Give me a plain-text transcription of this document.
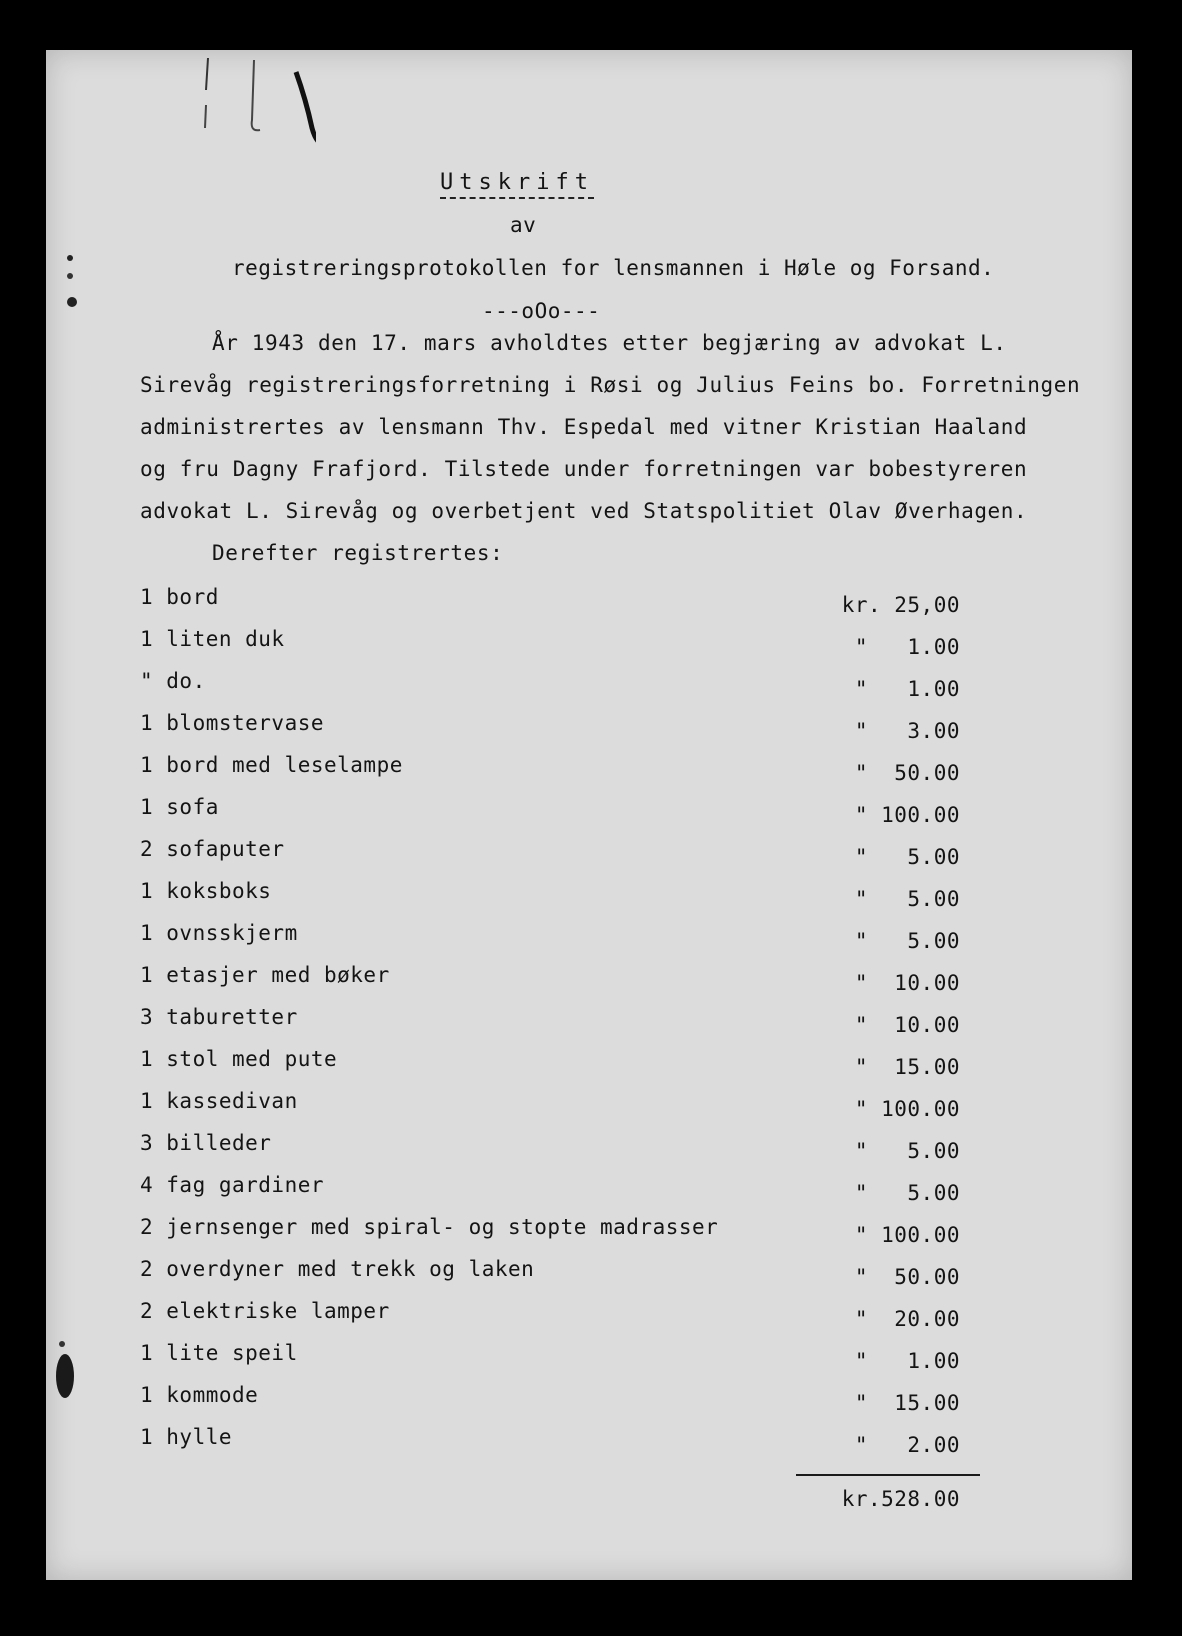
Utskrift
av
registreringsprotokollen for lensmannen i Høle og Forsand.
---oOo---
År 1943 den 17. mars avholdtes etter begjæring av advokat L.
Sirevåg registreringsforretning i Røsi og Julius Feins bo. Forretningen
administrertes av lensmann Thv. Espedal med vitner Kristian Haaland
og fru Dagny Frafjord. Tilstede under forretningen var bobestyreren
advokat L. Sirevåg og overbetjent ved Statspolitiet Olav Øverhagen.
Derefter registrertes:
1 bord	kr. 25,00
1 liten duk	"   1.00
" do.	"   1.00
1 blomstervase	"   3.00
1 bord med leselampe	"  50.00
1 sofa	" 100.00
2 sofaputer	"   5.00
1 koksboks	"   5.00
1 ovnsskjerm	"   5.00
1 etasjer med bøker	"  10.00
3 taburetter	"  10.00
1 stol med pute	"  15.00
1 kassedivan	" 100.00
3 billeder	"   5.00
4 fag gardiner	"   5.00
2 jernsenger med spiral- og stopte madrasser	" 100.00
2 overdyner med trekk og laken	"  50.00
2 elektriske lamper	"  20.00
1 lite speil	"   1.00
1 kommode	"  15.00
1 hylle	"   2.00
kr.528.00
